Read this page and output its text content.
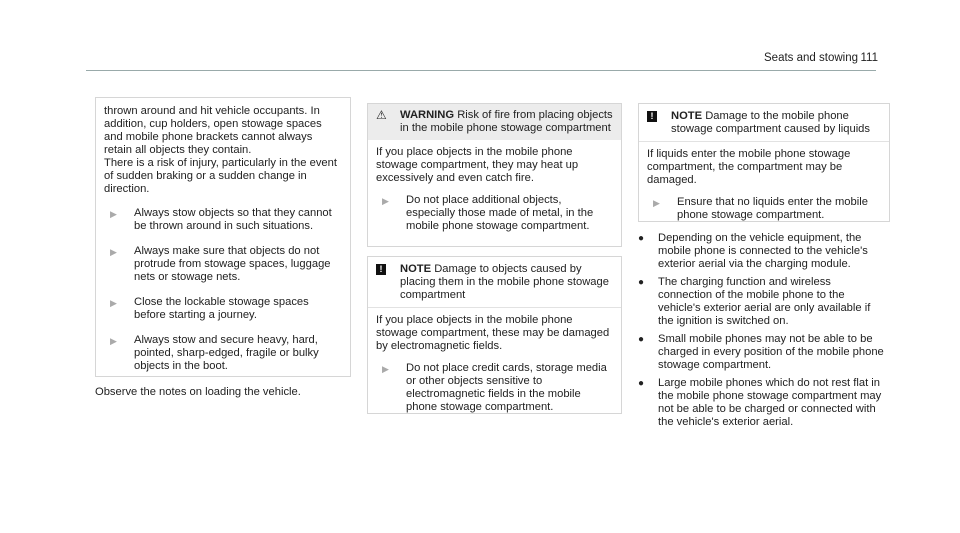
Seats and stowing 111

thrown around and hit vehicle occupants. In addition, cup holders, open stowage spaces and mobile phone brackets cannot always retain all objects they contain.

There is a risk of injury, particularly in the event of sudden braking or a sudden change in direction.

▶	Always stow objects so that they cannot be thrown around in such situations.
▶	Always make sure that objects do not protrude from stowage spaces, luggage nets or stowage nets.
▶	Close the lockable stowage spaces before starting a journey.
▶	Always stow and secure heavy, hard, pointed, sharp-edged, fragile or bulky objects in the boot.

Observe the notes on loading the vehicle.

⚠	WARNING Risk of fire from placing objects in the mobile phone stowage compartment

If you place objects in the mobile phone stowage compartment, they may heat up excessively and even catch fire.

▶	Do not place additional objects, especially those made of metal, in the mobile phone stowage compartment.
!	NOTE Damage to objects caused by placing them in the mobile phone stowage compartment

If you place objects in the mobile phone stowage compartment, these may be damaged by electromagnetic fields.

▶	Do not place credit cards, storage media or other objects sensitive to electromagnetic fields in the mobile phone stowage compartment.
!	NOTE Damage to the mobile phone stowage compartment caused by liquids

If liquids enter the mobile phone stowage compartment, the compartment may be damaged.

▶	Ensure that no liquids enter the mobile phone stowage compartment.
●	Depending on the vehicle equipment, the mobile phone is connected to the vehicle's exterior aerial via the charging module.
●	The charging function and wireless connection of the mobile phone to the vehicle's exterior aerial are only available if the ignition is switched on.
●	Small mobile phones may not be able to be charged in every position of the mobile phone stowage compartment.
●	Large mobile phones which do not rest flat in the mobile phone stowage compartment may not be able to be charged or connected with the vehicle's exterior aerial.
